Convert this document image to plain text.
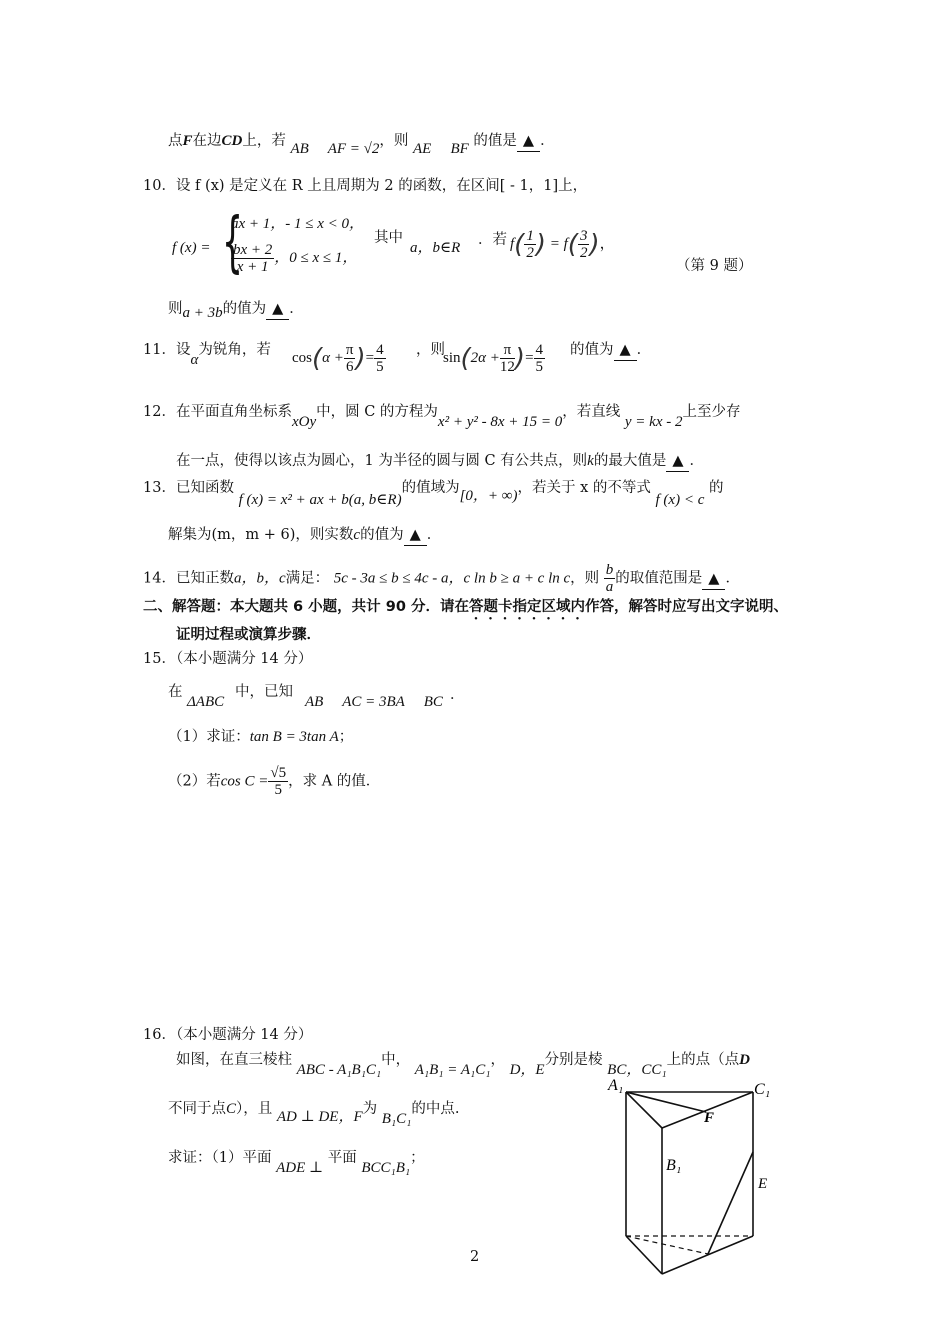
点F在边CD上，若 AB ⃝ AF = √2，则 AE ⃝ BF 的值是 ▲ ．
10．设 f (x) 是定义在 R 上且周期为 2 的函数，在区间[ - 1，1]上，
f (x) = {
ax + 1，- 1 ≤ x < 0，
$\frac{bx + 2}{x + 1}$ ，0 ≤ x ≤ 1，
其中
a，b∈R ．若 $f( \frac{1}{2}$ ) = $f( \frac{3}{2}$ )，
（第 9 题）
则a + 3b的值为 ▲ ．
11．设α为锐角，若 $\cos(\alpha + \frac{\pi}{6}$ )= $\frac{4}{5}$ ，则
$\sin(2\alpha + \frac{\pi}{12}$ )= $\frac{4}{5}$ 的值为 ▲ ．
12．在平面直角坐标系xOy中，圆 C 的方程为x² + y² - 8x + 15 = 0，若直线 y = kx - 2上至少存
在一点，使得以该点为圆心，1 为半径的圆与圆 C 有公共点，则k的最大值是 ▲ ．
13．已知函数 f (x) = x² + ax + b(a, b∈R)的值域为[0，+ ∞)，若关于 x 的不等式 f (x) < c 的
解集为(m，m + 6)，则实数c的值为 ▲ ．
14．已知正数a，b，c满足： 5c - 3a ≤ b ≤ 4c - a，c ln b ≥ a + c ln c，则 $\frac{b}{a}$ 的取值范围是 ▲ ．
二、解答题：本大题共 6 小题，共计 90 分．请在答题卡指定区域内作答，解答时应写出文字说明、
证明过程或演算步骤．
15．（本小题满分 14 分）
在
ΔABC
中，已知
AB ⃝ AC = 3BA ⃝ BC ．
（1）求证：tan B = 3tan A；
（2）若$\cos C = \frac{√5}{5}$ ，求 A 的值．
16．（本小题满分 14 分）
如图，在直三棱柱 ABC - A₁B₁C₁中， A₁B₁ = A₁C₁， D，E分别是棱 BC，CC₁上的点（点D
不同于点C），且 AD ⊥ DE，F为 B₁C₁的中点.
求证：（1）平面 ADE ⊥ 平面 BCC₁B₁；
A₁	C₁
B₁
F
E
2
